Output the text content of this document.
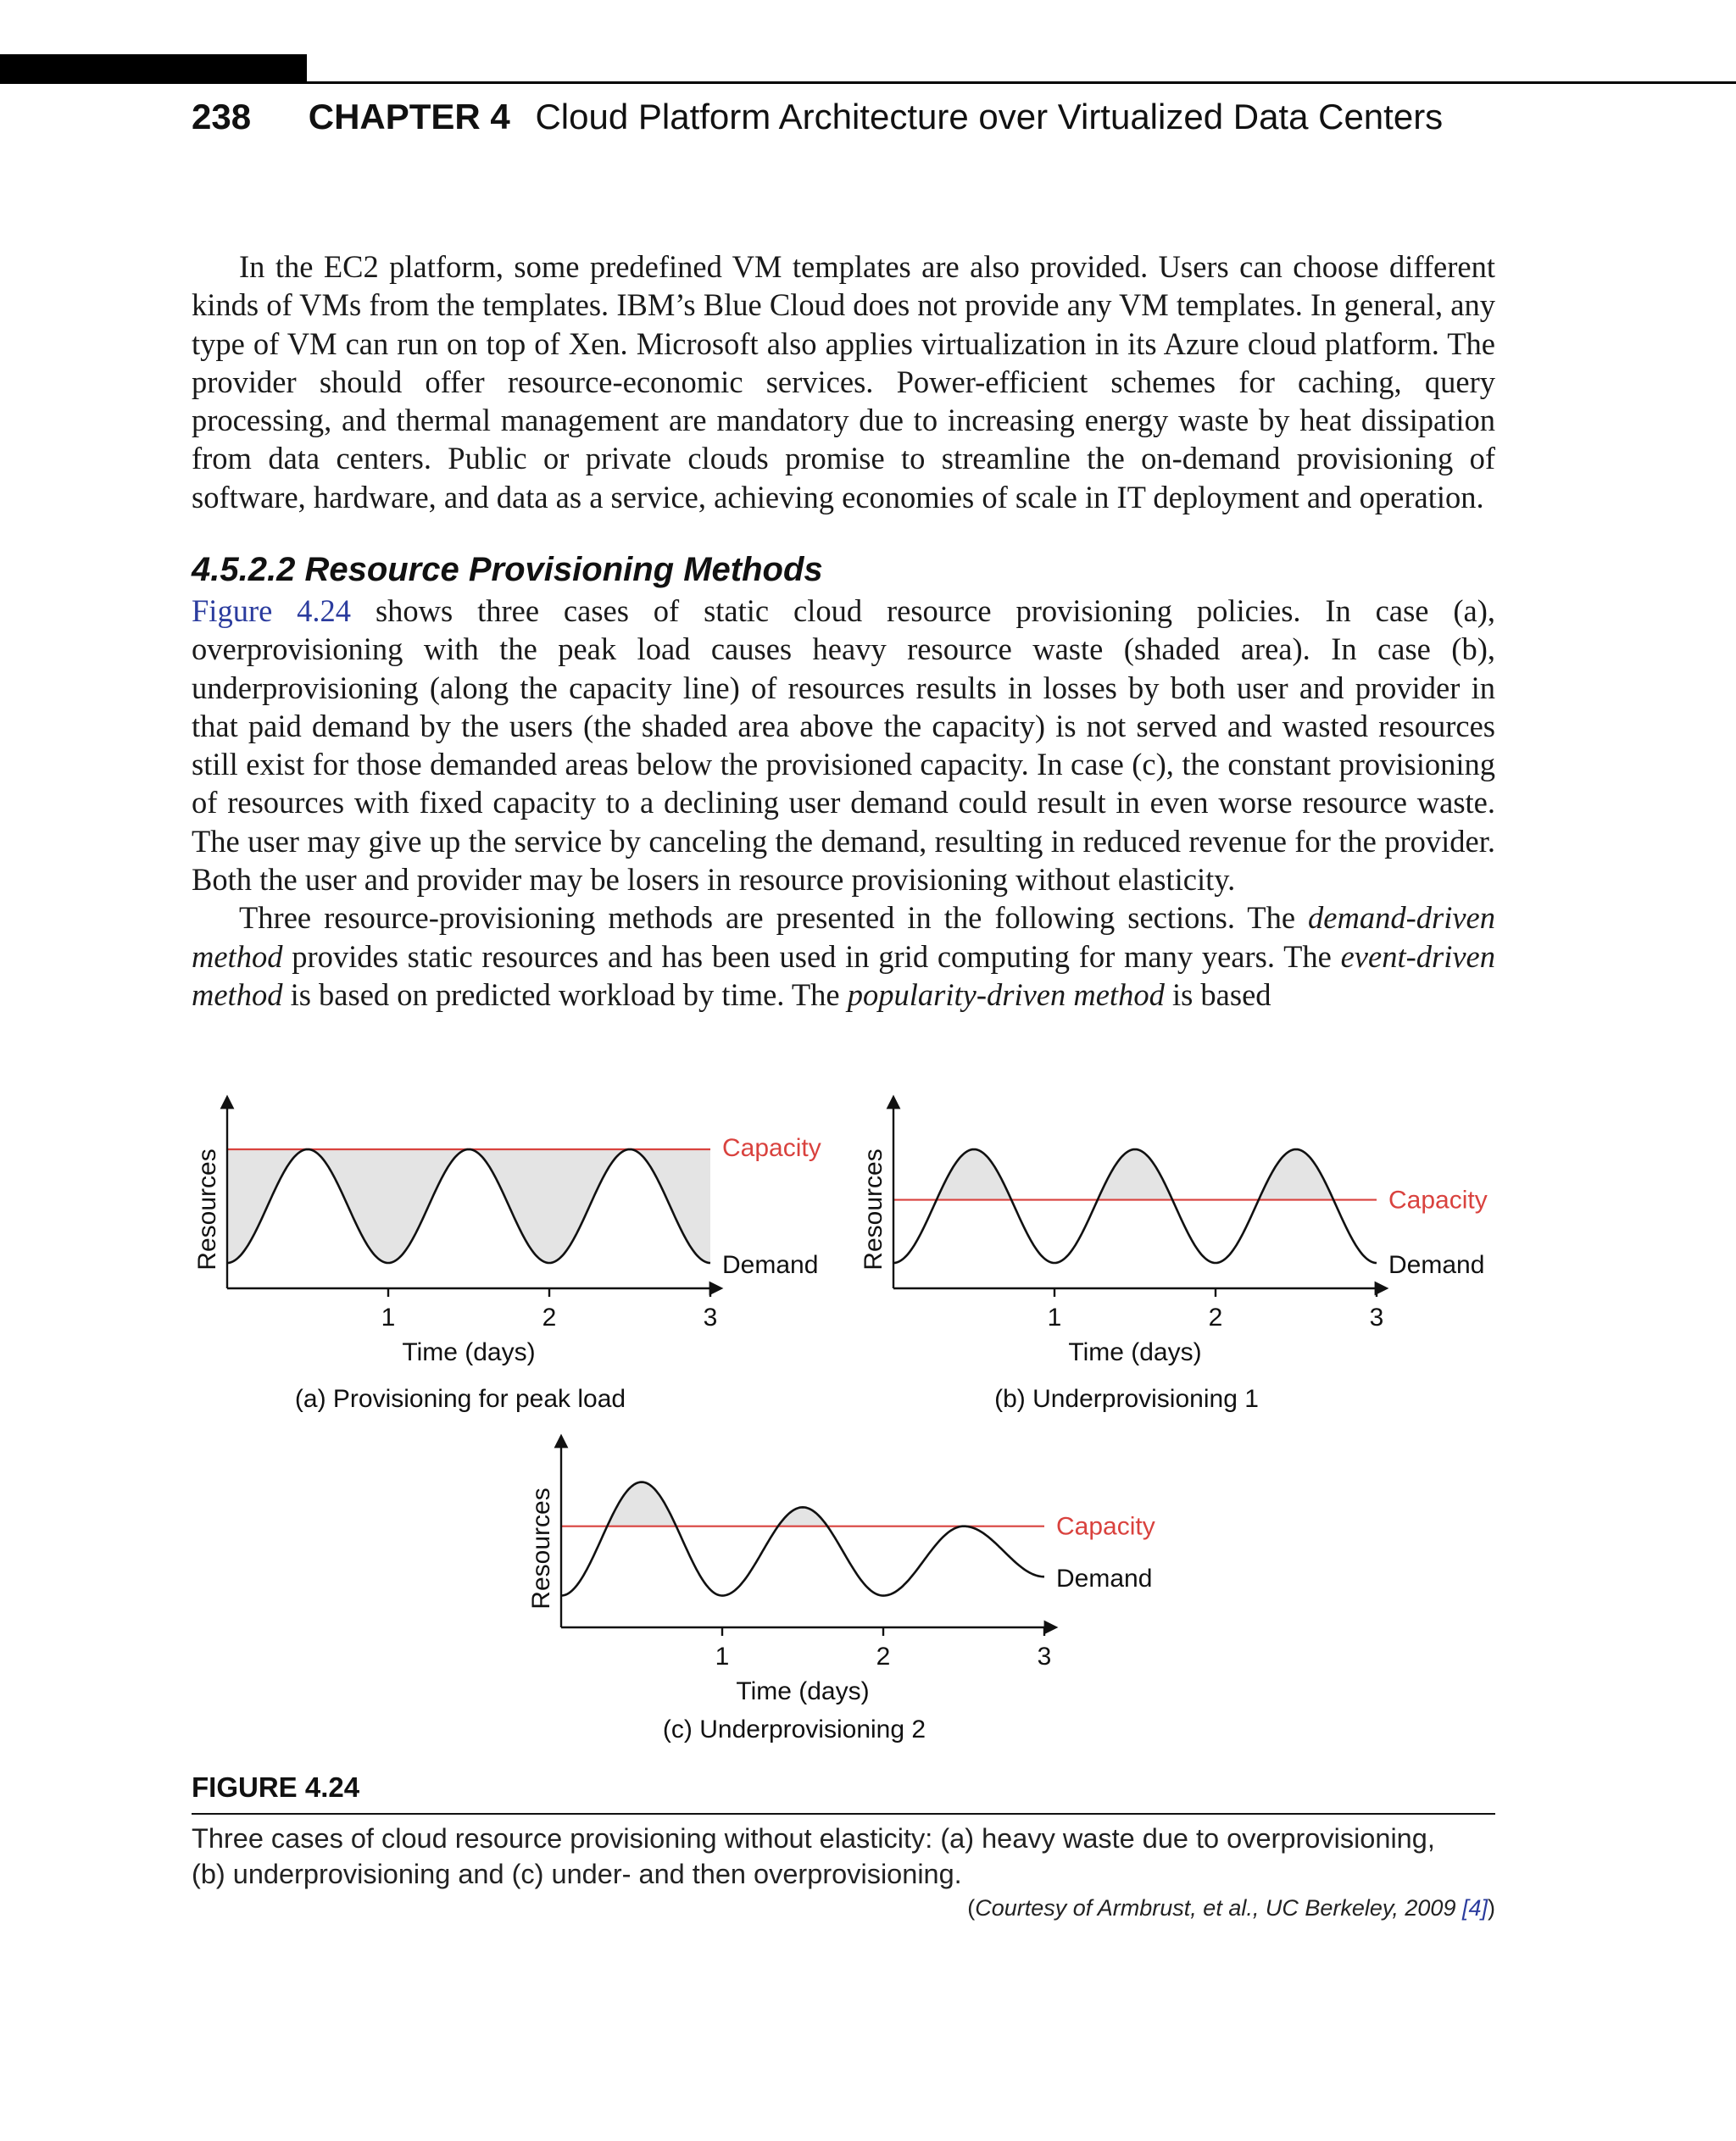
238 CHAPTER 4 Cloud Platform Architecture over Virtualized Data Centers

In the EC2 platform, some predefined VM templates are also provided. Users can choose different kinds of VMs from the templates. IBM’s Blue Cloud does not provide any VM templates. In general, any type of VM can run on top of Xen. Microsoft also applies virtualization in its Azure cloud platform. The provider should offer resource-economic services. Power-efficient schemes for caching, query processing, and thermal management are mandatory due to increasing energy waste by heat dissipation from data centers. Public or private clouds promise to streamline the on-demand provisioning of software, hardware, and data as a service, achieving economies of scale in IT deployment and operation.

4.5.2.2 Resource Provisioning Methods

Figure 4.24 shows three cases of static cloud resource provisioning policies. In case (a), overprovisioning with the peak load causes heavy resource waste (shaded area). In case (b), underprovisioning (along the capacity line) of resources results in losses by both user and provider in that paid demand by the users (the shaded area above the capacity) is not served and wasted resources still exist for those demanded areas below the provisioned capacity. In case (c), the constant provisioning of resources with fixed capacity to a declining user demand could result in even worse resource waste. The user may give up the service by canceling the demand, resulting in reduced revenue for the provider. Both the user and provider may be losers in resource provisioning without elasticity.

Three resource-provisioning methods are presented in the following sections. The demand-driven method provides static resources and has been used in grid computing for many years. The event-driven method is based on predicted workload by time. The popularity-driven method is based

1	2	3
Time (days)
Resources
Capacity
Demand
(a) Provisioning for peak load
1	2	3
Time (days)
Resources	Capacity
Demand
(b) Underprovisioning 1
1	2	3
Time (days)
Resources	Capacity
Demand
(c) Underprovisioning 2
FIGURE 4.24
Three cases of cloud resource provisioning without elasticity: (a) heavy waste due to overprovisioning,
(b) underprovisioning and (c) under- and then overprovisioning.
(Courtesy of Armbrust, et al., UC Berkeley, 2009 [4])
